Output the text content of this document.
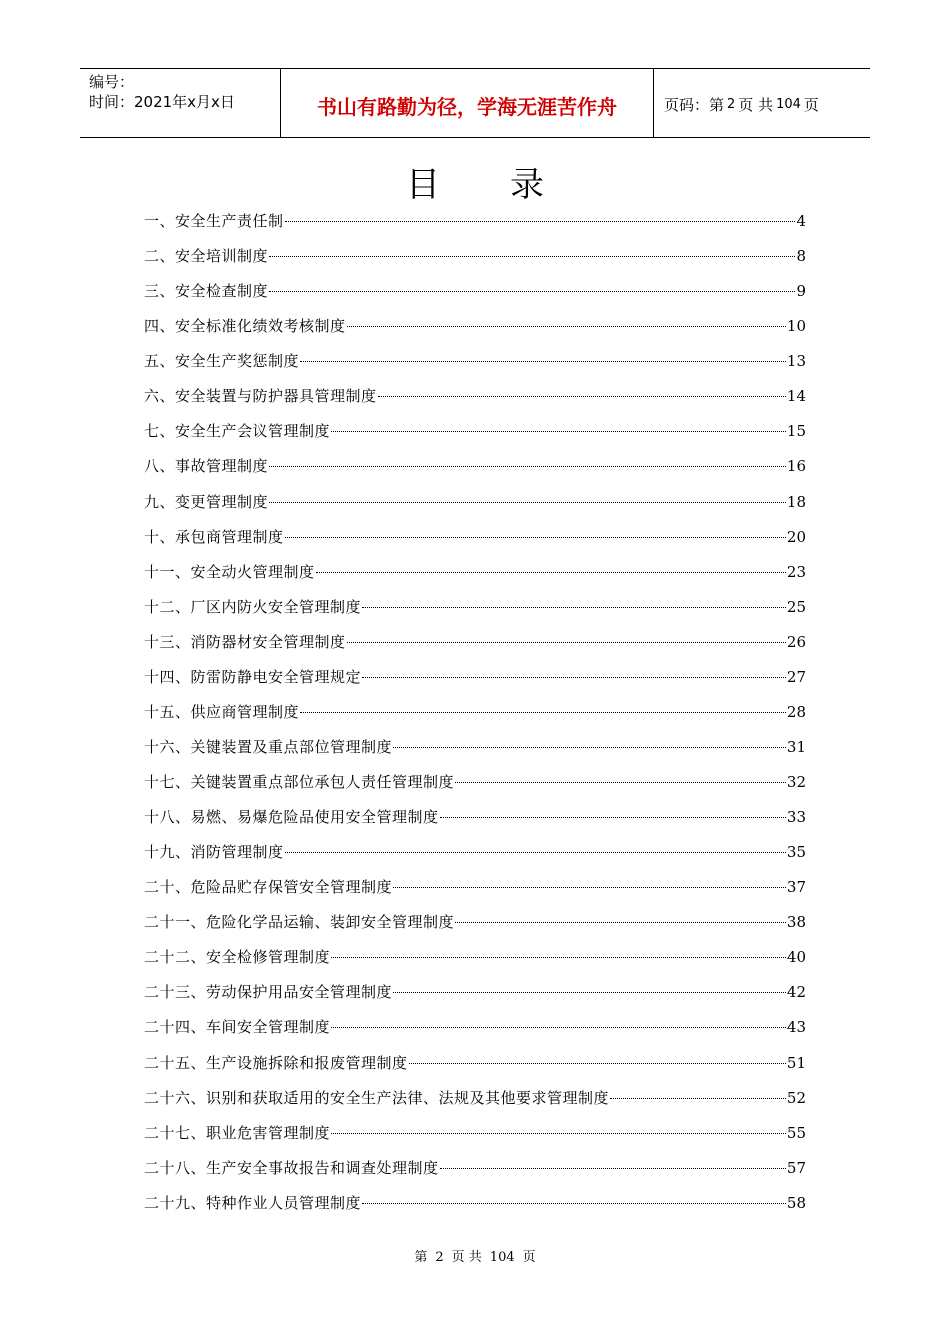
编号：
时间：2021年x月x日	书山有路勤为径，学海无涯苦作舟	页码：第 2 页 共 104 页
目录
一、安全生产责任制	4
二、安全培训制度	8
三、安全检查制度	9
四、安全标准化绩效考核制度	10
五、安全生产奖惩制度	13
六、安全装置与防护器具管理制度	14
七、安全生产会议管理制度	15
八、事故管理制度	16
九、变更管理制度	18
十、承包商管理制度	20
十一、安全动火管理制度	23
十二、厂区内防火安全管理制度	25
十三、消防器材安全管理制度	26
十四、防雷防静电安全管理规定	27
十五、供应商管理制度	28
十六、关键装置及重点部位管理制度	31
十七、关键装置重点部位承包人责任管理制度	32
十八、易燃、易爆危险品使用安全管理制度	33
十九、消防管理制度	35
二十、危险品贮存保管安全管理制度	37
二十一、危险化学品运输、装卸安全管理制度	38
二十二、安全检修管理制度	40
二十三、劳动保护用品安全管理制度	42
二十四、车间安全管理制度	43
二十五、生产设施拆除和报废管理制度	51
二十六、识别和获取适用的安全生产法律、法规及其他要求管理制度	52
二十七、职业危害管理制度	55
二十八、生产安全事故报告和调查处理制度	57
二十九、特种作业人员管理制度	58
第 2 页 共 104 页
